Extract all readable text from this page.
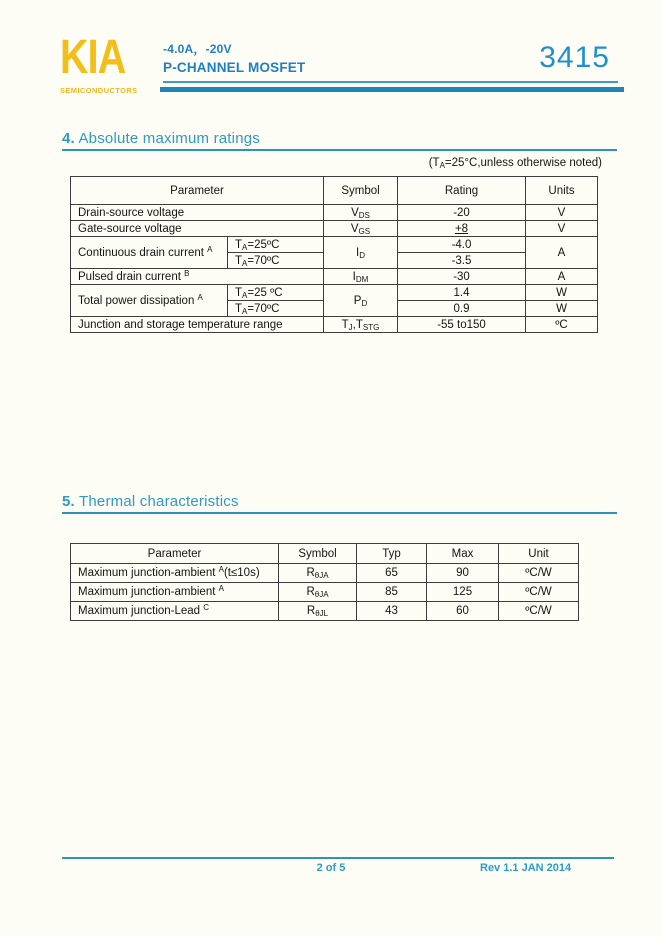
KIA
SEMICONDUCTORS
-4.0A，-20V
P-CHANNEL MOSFET	3415
4. Absolute maximum ratings
($T_A=25^\circ C,unless$ otherwise noted)
Parameter		Symbol	Rating	Units
Drain-source voltage		$V_{DS}$	-20	V
Gate-source voltage		$V_{GS}$	+8	V
Continuous drain current $^A$	$T_A=25ºC$	$I_D$	-4.0	A
	$T_A=70ºC$		-3.5	
Pulsed drain current $^B$		$I_{DM}$	-30	A
Total power dissipation $^A$	$T_A=25$ ºC	$P_D$	1.4	W
	$T_A=70ºC$		0.9	W
Junction and storage temperature range		$T_J,T_{STG}$	-55 to150	ºC
5. Thermal characteristics
Parameter	Symbol	Typ	Max	Unit
Maximum junction-ambient $^A$(t≤10s)	$R_{\theta JA}$	65	90	ºC/W
Maximum junction-ambient $^A$	$R_{\theta JA}$	85	125	ºC/W
Maximum junction-Lead $^C$	$R_{\theta JL}$	43	60	ºC/W
2 of 5	Rev 1.1 JAN 2014
